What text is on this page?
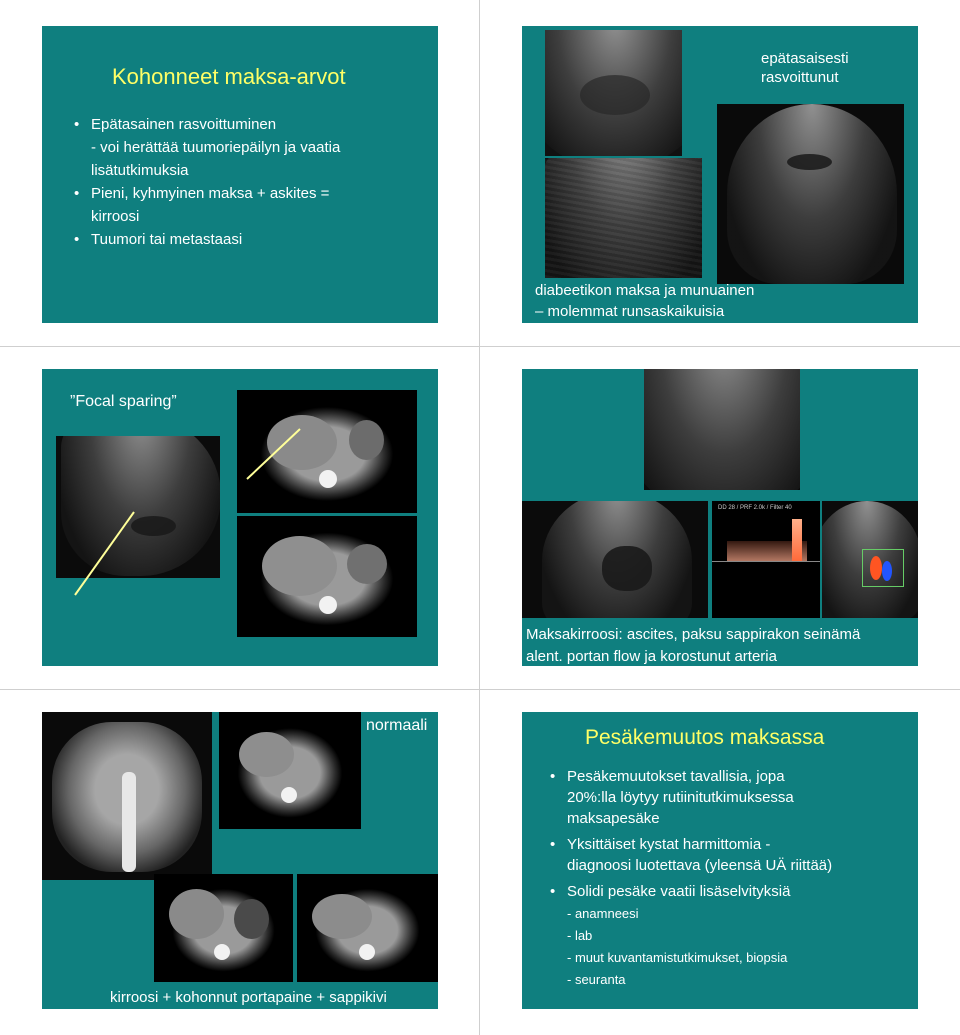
Kohonneet maksa-arvot
• Epätasainen rasvoittuminen
- voi herättää tuumoriepäilyn ja vaatia
lisätutkimuksia
• Pieni, kyhmyinen maksa + askites =
kirroosi
• Tuumori tai metastaasi
epätasaisesti
rasvoittunut
diabeetikon maksa ja munuainen
– molemmat runsaskaikuisia
”Focal sparing”
DD 28 / PRF 2.0k / Filter 40
Maksakirroosi: ascites, paksu sappirakon seinämä
alent. portan flow ja korostunut arteria
normaali
kirroosi + kohonnut portapaine + sappikivi
Pesäkemuutos maksassa
• Pesäkemuutokset tavallisia, jopa
20%:lla löytyy rutiinitutkimuksessa
maksapesäke
• Yksittäiset kystat harmittomia -
diagnoosi luotettava (yleensä UÄ riittää)
• Solidi pesäke vaatii lisäselvityksiä
- anamneesi
- lab
- muut kuvantamistutkimukset, biopsia
- seuranta
